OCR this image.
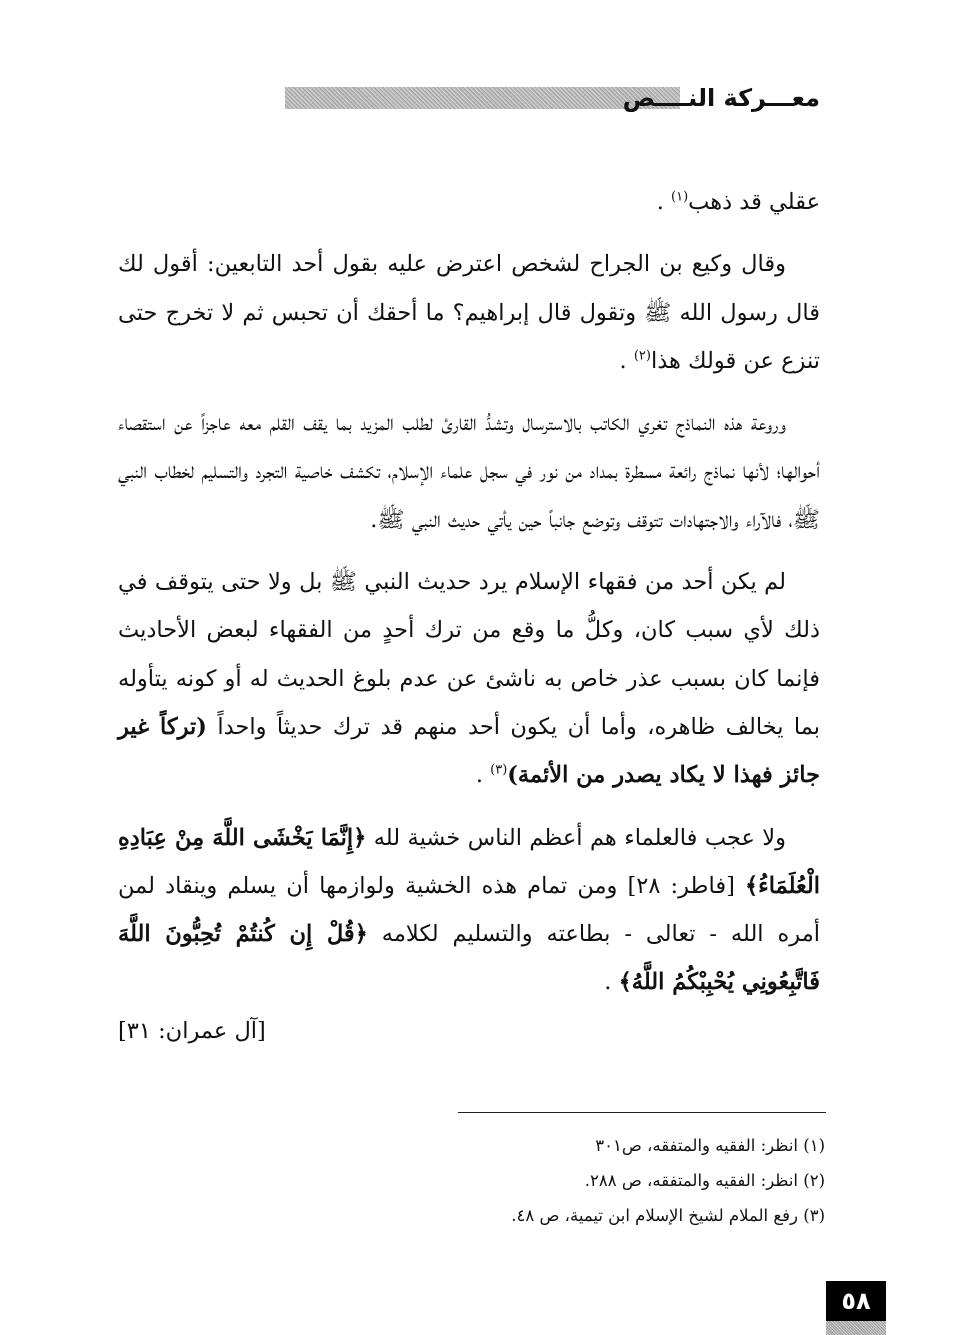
معـــركة النــــص

عقلي قد ذهب$^{(١)}$ .

وقال وكيع بن الجراح لشخص اعترض عليه بقول أحد التابعين: أقول لك قال رسول الله ﷺ وتقول قال إبراهيم؟ ما أحقك أن تحبس ثم لا تخرج حتى تنزع عن قولك هذا$^{(٢)}$ .

وروعة هذه النماذج تغري الكاتب بالاسترسال وتشدُّ القارئ لطلب المزيد بما يقف القلم معه عاجزاً عن استقصاء أحوالها؛ لأنها نماذج رائعة مسطرة بمداد من نور في سجل علماء الإسلام، تكشف خاصية التجرد والتسليم لخطاب النبي ﷺ، فالآراء والاجتهادات تتوقف وتوضع جانباً حين يأتي حديث النبي ﷺ.

لم يكن أحد من فقهاء الإسلام يرد حديث النبي ﷺ بل ولا حتى يتوقف في ذلك لأي سبب كان، وكلُّ ما وقع من ترك أحدٍ من الفقهاء لبعض الأحاديث فإنما كان بسبب عذر خاص به ناشئ عن عدم بلوغ الحديث له أو كونه يتأوله بما يخالف ظاهره، وأما أن يكون أحد منهم قد ترك حديثاً واحداً (تركاً غير جائز فهذا لا يكاد يصدر من الأئمة)$^{(٣)}$ .

ولا عجب فالعلماء هم أعظم الناس خشية لله ﴿إِنَّمَا يَخْشَى اللَّهَ مِنْ عِبَادِهِ الْعُلَمَاءُ﴾ [فاطر: ٢٨] ومن تمام هذه الخشية ولوازمها أن يسلم وينقاد لمن أمره الله - تعالى - بطاعته والتسليم لكلامه ﴿قُلْ إِن كُنتُمْ تُحِبُّونَ اللَّهَ فَاتَّبِعُونِي يُحْبِبْكُمُ اللَّهُ﴾ .

[آل عمران: ٣١]

(١) انظر: الفقيه والمتفقه، ص٣٠١

(٢) انظر: الفقيه والمتفقه، ص ٢٨٨.

(٣) رفع الملام لشيخ الإسلام ابن تيمية، ص ٤٨.

٥٨
